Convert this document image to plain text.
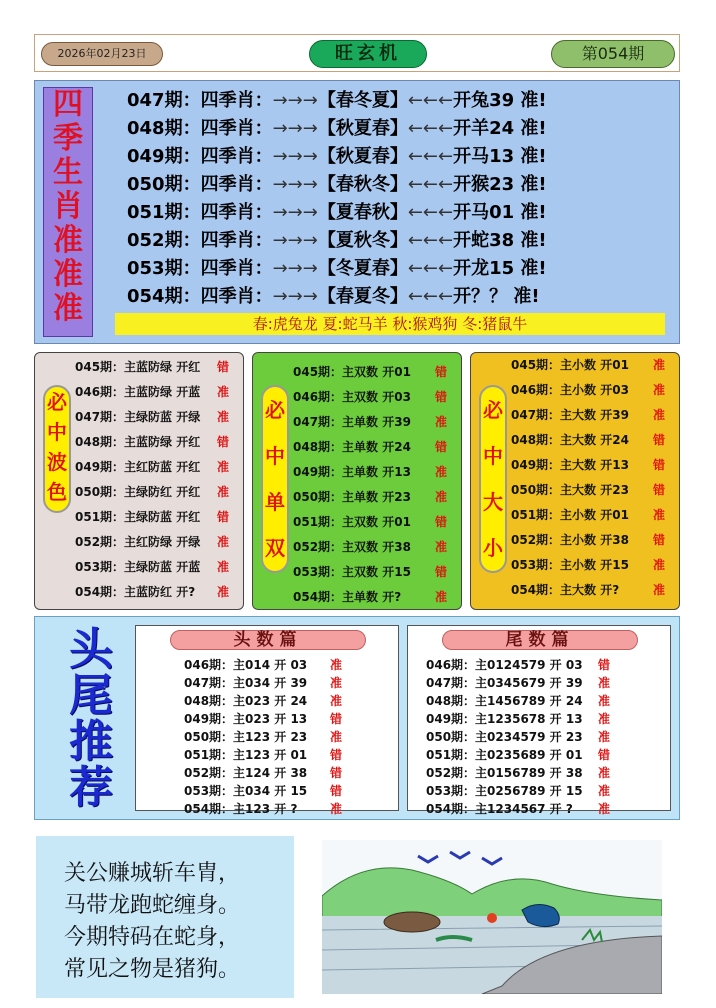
2026年02月23日	旺玄机	第054期
四
季
生
肖
准
准
准
047期：四季肖：→→→【春冬夏】←←←开兔39 准!
048期：四季肖：→→→【秋夏春】←←←开羊24 准!
049期：四季肖：→→→【秋夏春】←←←开马13 准!
050期：四季肖：→→→【春秋冬】←←←开猴23 准!
051期：四季肖：→→→【夏春秋】←←←开马01 准!
052期：四季肖：→→→【夏秋冬】←←←开蛇38 准!
053期：四季肖：→→→【冬夏春】←←←开龙15 准!
054期：四季肖：→→→【春夏冬】←←←开？？ 准!
春:虎兔龙 夏:蛇马羊 秋:猴鸡狗 冬:猪鼠牛
必
中
波
色
045期：主蓝防绿 开红 错
046期：主蓝防绿 开蓝 准
047期：主绿防蓝 开绿 准
048期：主蓝防绿 开红 错
049期：主红防蓝 开红 准
050期：主绿防红 开红 准
051期：主绿防蓝 开红 错
052期：主红防绿 开绿 准
053期：主绿防蓝 开蓝 准
054期：主蓝防红 开? 准
必
中
单
双
045期：主双数 开01 错
046期：主双数 开03 错
047期：主单数 开39 准
048期：主单数 开24 错
049期：主单数 开13 准
050期：主单数 开23 准
051期：主双数 开01 错
052期：主双数 开38 准
053期：主双数 开15 错
054期：主单数 开?	准
必
中
大
小
045期：主小数 开01 准
046期：主小数 开03 准
047期：主大数 开39 准
048期：主大数 开24 错
049期：主大数 开13 错
050期：主大数 开23 错
051期：主小数 开01 准
052期：主小数 开38 错
053期：主小数 开15 准
054期：主大数 开?	准
头
尾
推
荐
头数篇
046期：主014 开 03 准
047期：主034 开 39 准
048期：主023 开 24 准
049期：主023 开 13 错
050期：主123 开 23 准
051期：主123 开 01 错
052期：主124 开 38 错
053期：主034 开 15 错
054期：主123 开 ?	准
尾数篇
046期：主0124579 开 03 错
047期：主0345679 开 39 准
048期：主1456789 开 24 准
049期：主1235678 开 13 准
050期：主0234579 开 23 准
051期：主0235689 开 01 错
052期：主0156789 开 38 准
053期：主0256789 开 15 准
054期：主1234567 开 ? 准
关公赚城斩车胄，
马带龙跑蛇缠身。
今期特码在蛇身，
常见之物是猪狗。
